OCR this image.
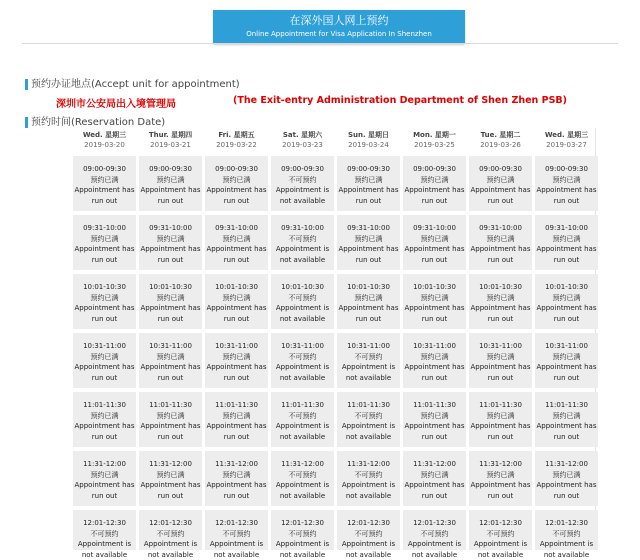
在深外国人网上预约
Online Appointment for Visa Application In Shenzhen
预约办证地点(Accept unit for appointment)
深圳市公安局出入境管理局	(The Exit-entry Administration Department of Shen Zhen PSB)
预约时间(Reservation Date)
Wed. 星期三
2019-03-20
Thur. 星期四
2019-03-21
Fri. 星期五
2019-03-22
Sat. 星期六
2019-03-23
Sun. 星期日
2019-03-24
Mon. 星期一
2019-03-25
Tue. 星期二
2019-03-26
Wed. 星期三
2019-03-27
09:00-09:30
预约已满
Appointment has
run out
09:00-09:30
预约已满
Appointment has
run out
09:00-09:30
预约已满
Appointment has
run out
09:00-09:30
不可预约
Appointment is
not available
09:00-09:30
预约已满
Appointment has
run out
09:00-09:30
预约已满
Appointment has
run out
09:00-09:30
预约已满
Appointment has
run out
09:00-09:30
预约已满
Appointment has
run out
09:31-10:00
预约已满
Appointment has
run out
09:31-10:00
预约已满
Appointment has
run out
09:31-10:00
预约已满
Appointment has
run out
09:31-10:00
不可预约
Appointment is
not available
09:31-10:00
预约已满
Appointment has
run out
09:31-10:00
预约已满
Appointment has
run out
09:31-10:00
预约已满
Appointment has
run out
09:31-10:00
预约已满
Appointment has
run out
10:01-10:30
预约已满
Appointment has
run out
10:01-10:30
预约已满
Appointment has
run out
10:01-10:30
预约已满
Appointment has
run out
10:01-10:30
不可预约
Appointment is
not available
10:01-10:30
预约已满
Appointment has
run out
10:01-10:30
预约已满
Appointment has
run out
10:01-10:30
预约已满
Appointment has
run out
10:01-10:30
预约已满
Appointment has
run out
10:31-11:00
预约已满
Appointment has
run out
10:31-11:00
预约已满
Appointment has
run out
10:31-11:00
预约已满
Appointment has
run out
10:31-11:00
不可预约
Appointment is
not available
10:31-11:00
不可预约
Appointment is
not available
10:31-11:00
预约已满
Appointment has
run out
10:31-11:00
预约已满
Appointment has
run out
10:31-11:00
预约已满
Appointment has
run out
11:01-11:30
预约已满
Appointment has
run out
11:01-11:30
预约已满
Appointment has
run out
11:01-11:30
预约已满
Appointment has
run out
11:01-11:30
不可预约
Appointment is
not available
11:01-11:30
不可预约
Appointment is
not available
11:01-11:30
预约已满
Appointment has
run out
11:01-11:30
预约已满
Appointment has
run out
11:01-11:30
预约已满
Appointment has
run out
11:31-12:00
预约已满
Appointment has
run out
11:31-12:00
预约已满
Appointment has
run out
11:31-12:00
预约已满
Appointment has
run out
11:31-12:00
不可预约
Appointment is
not available
11:31-12:00
不可预约
Appointment is
not available
11:31-12:00
预约已满
Appointment has
run out
11:31-12:00
预约已满
Appointment has
run out
11:31-12:00
预约已满
Appointment has
run out
12:01-12:30
不可预约
Appointment is
not available
12:01-12:30
不可预约
Appointment is
not available
12:01-12:30
不可预约
Appointment is
not available
12:01-12:30
不可预约
Appointment is
not available
12:01-12:30
不可预约
Appointment is
not available
12:01-12:30
不可预约
Appointment is
not available
12:01-12:30
不可预约
Appointment is
not available
12:01-12:30
不可预约
Appointment is
not available
